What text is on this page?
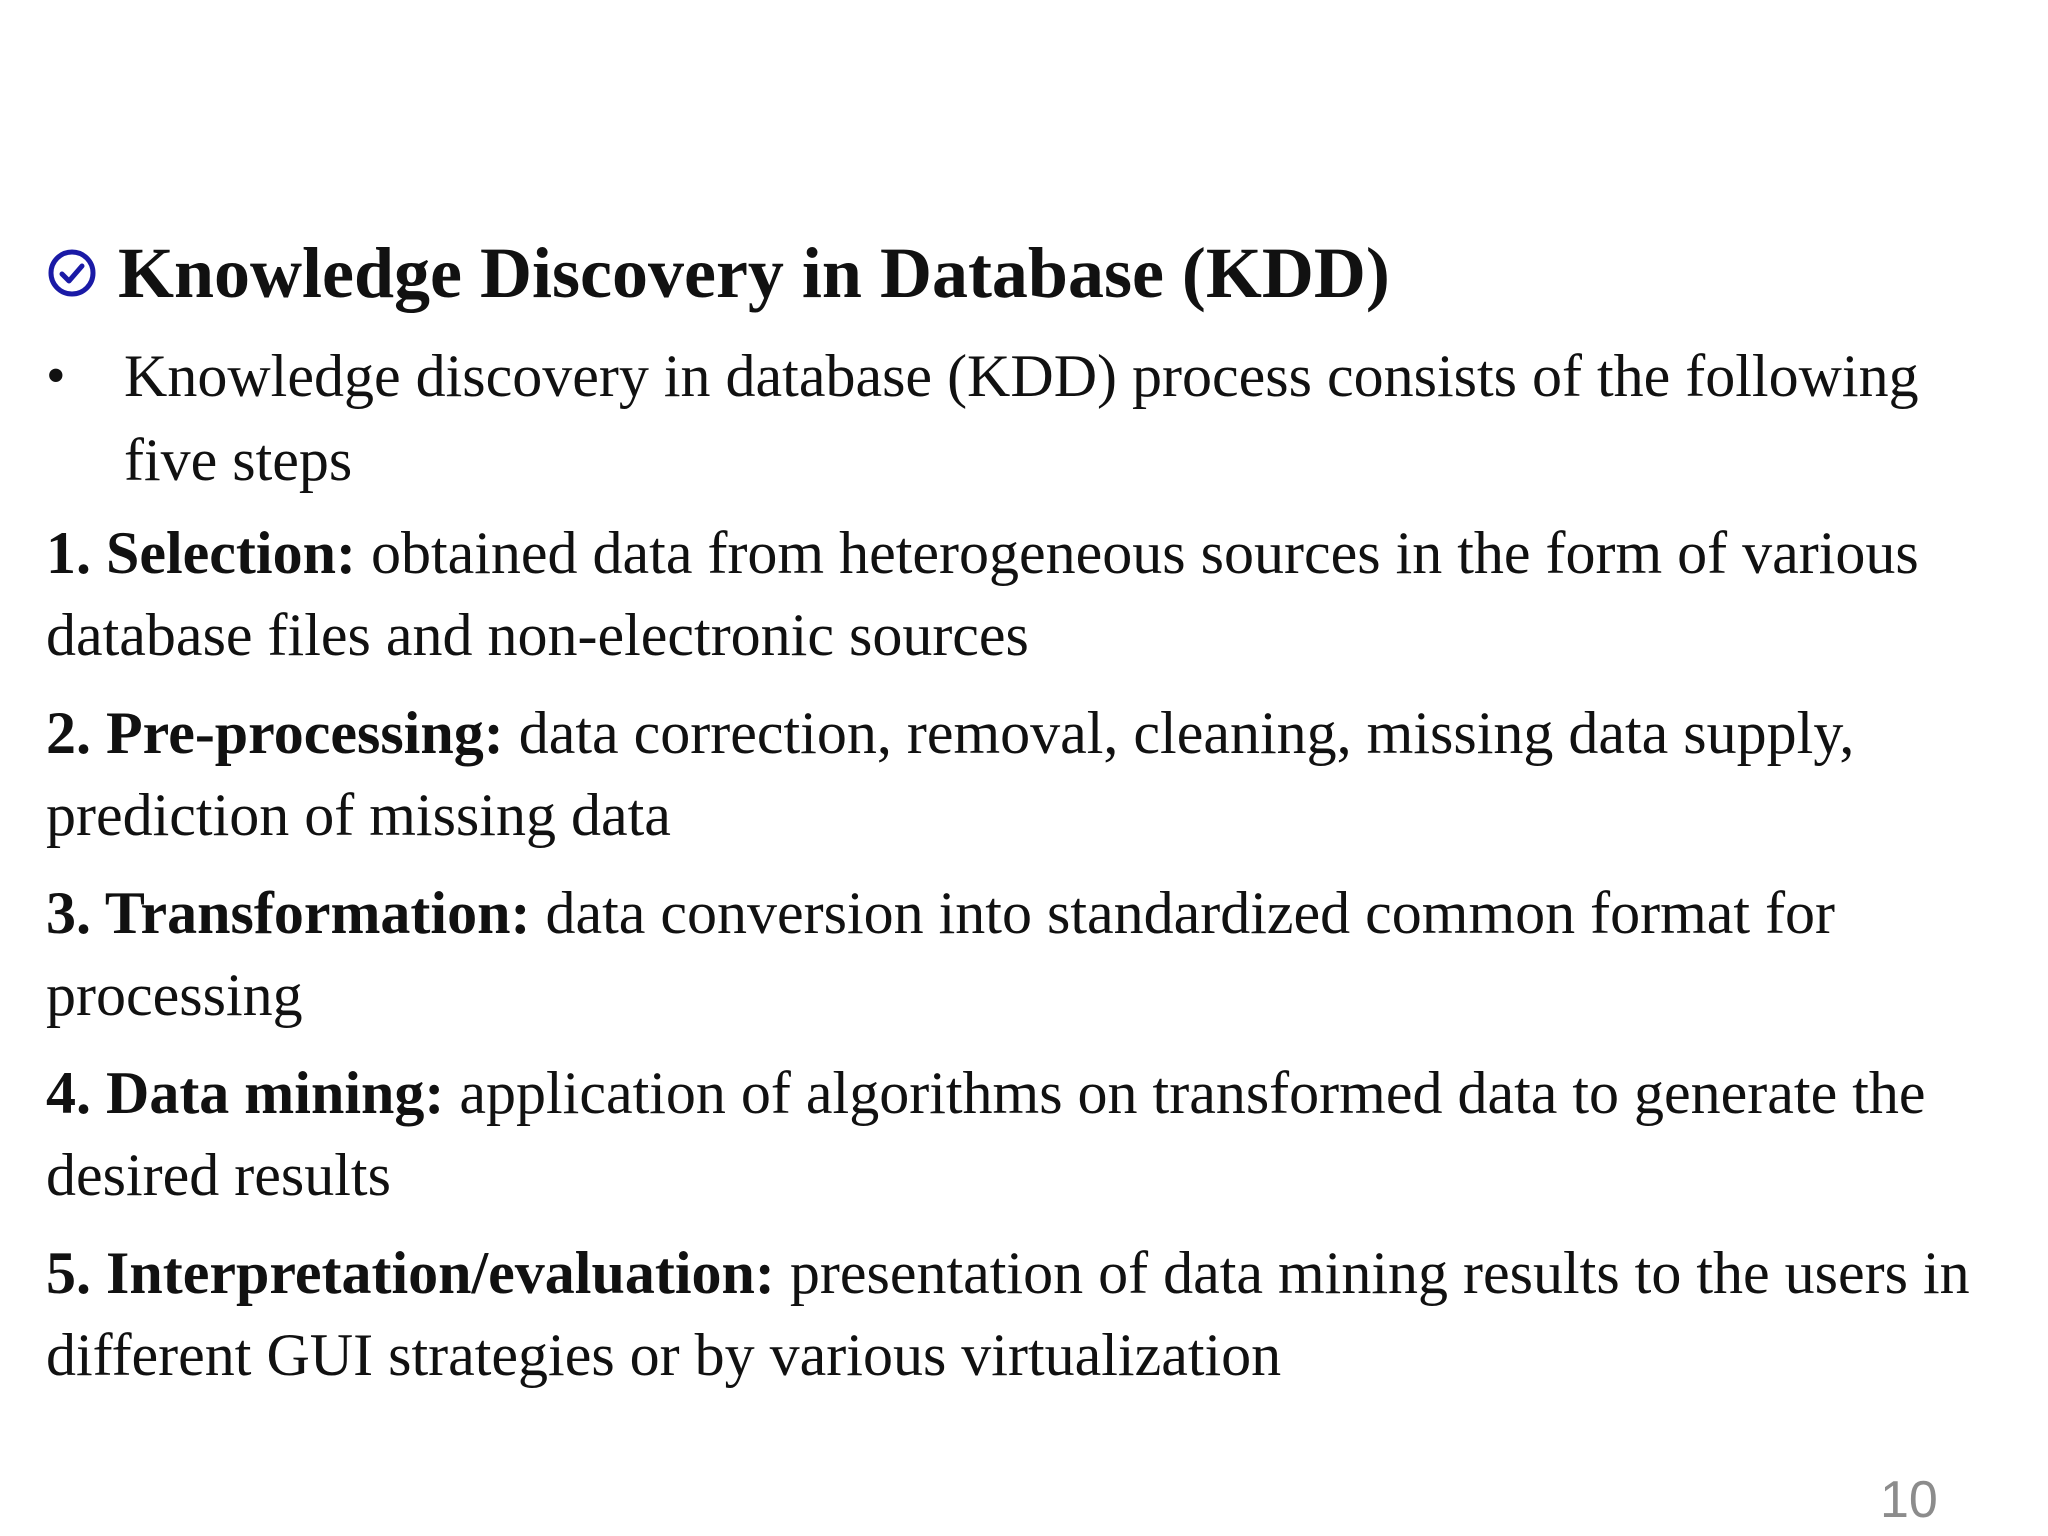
Knowledge Discovery in Database (KDD)
• Knowledge discovery in database (KDD) process consists of the following five steps

1. Selection: obtained data from heterogeneous sources in the form of various database files and non-electronic sources

2. Pre-processing: data correction, removal, cleaning, missing data supply, prediction of missing data

3. Transformation: data conversion into standardized common format for processing

4. Data mining: application of algorithms on transformed data to generate the desired results

5. Interpretation/evaluation: presentation of data mining results to the users in different GUI strategies or by various virtualization

10
